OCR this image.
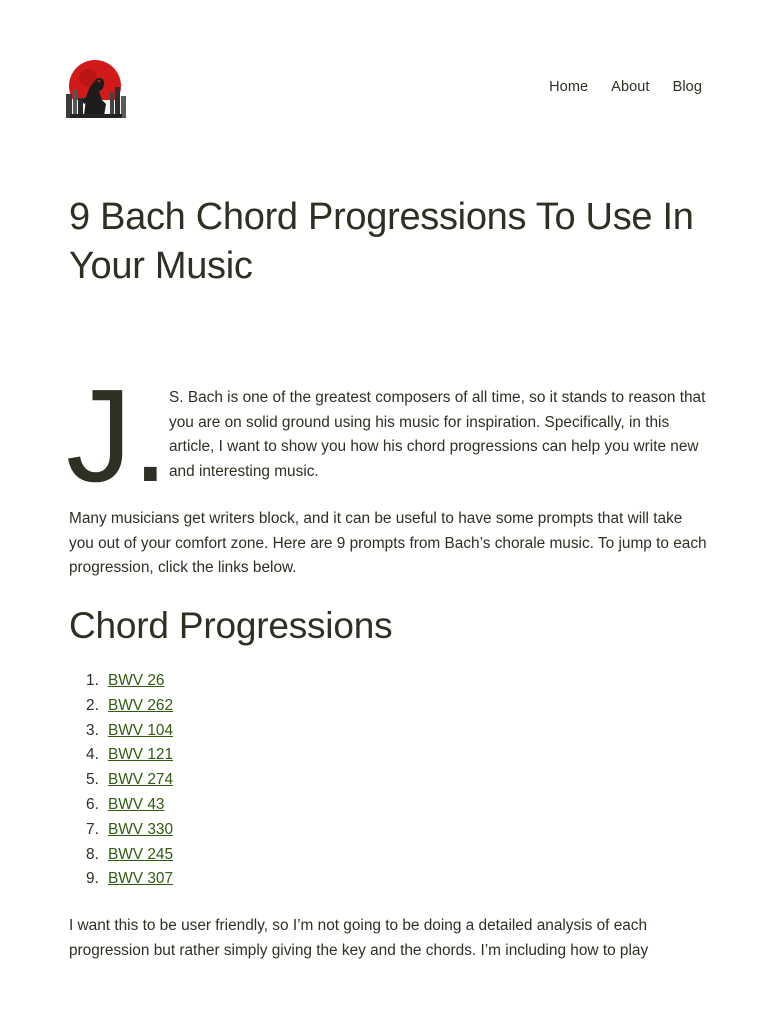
Home About Blog
9 Bach Chord Progressions To Use In Your Music
J. S. Bach is one of the greatest composers of all time, so it stands to reason that you are on solid ground using his music for inspiration. Specifically, in this article, I want to show you how his chord progressions can help you write new and interesting music.

Many musicians get writers block, and it can be useful to have some prompts that will take you out of your comfort zone. Here are 9 prompts from Bach’s chorale music. To jump to each progression, click the links below.

Chord Progressions
BWV 26
BWV 262
BWV 104
BWV 121
BWV 274
BWV 43
BWV 330
BWV 245
BWV 307

I want this to be user friendly, so I’m not going to be doing a detailed analysis of each progression but rather simply giving the key and the chords. I’m including how to play
